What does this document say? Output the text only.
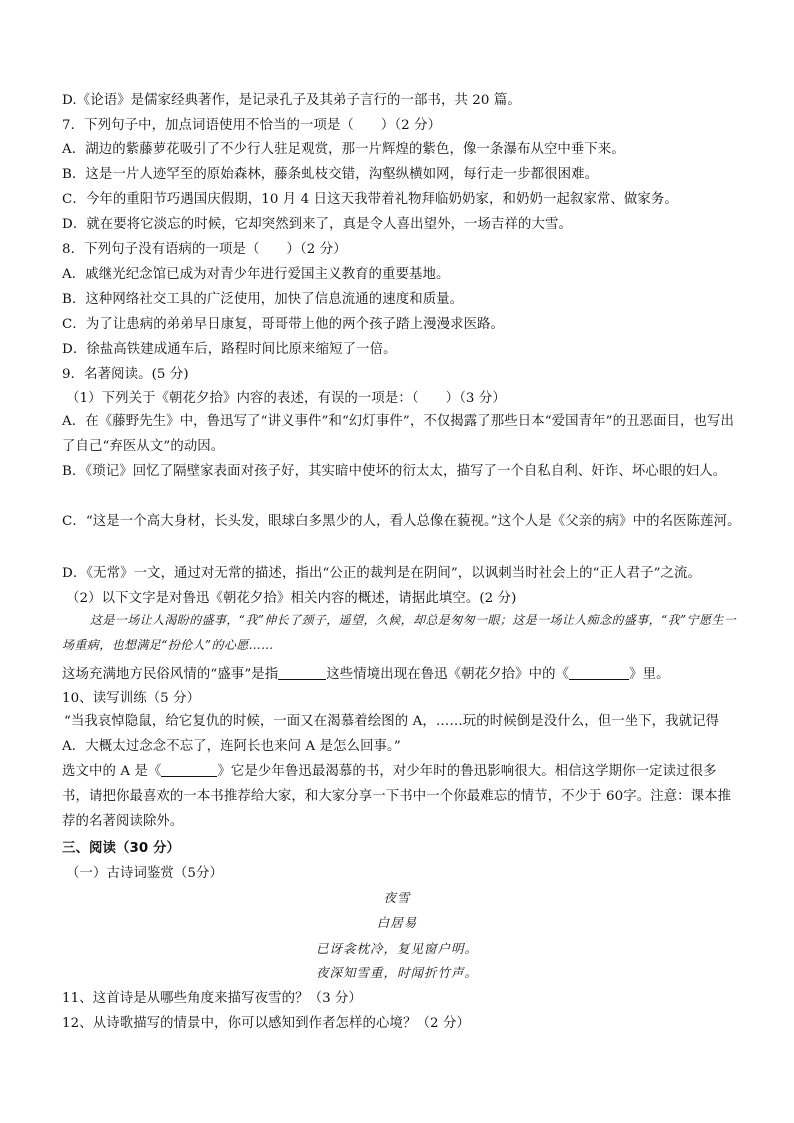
D.《论语》是儒家经典著作，是记录孔子及其弟子言行的一部书，共 20 篇。
7．下列句子中，加点词语使用不恰当的一项是（　　）（2 分）
A．湖边的紫藤萝花吸引了不少行人驻足观赏，那一片辉煌的紫色，像一条瀑布从空中垂下来。
B．这是一片人迹罕至的原始森林，藤条虬枝交错，沟壑纵横如网，每行走一步都很困难。
C．今年的重阳节巧遇国庆假期，10 月 4 日这天我带着礼物拜临奶奶家，和奶奶一起叙家常、做家务。
D．就在要将它淡忘的时候，它却突然到来了，真是令人喜出望外，一场吉祥的大雪。
8．下列句子没有语病的一项是（　　）（2 分）
A．戚继光纪念馆已成为对青少年进行爱国主义教育的重要基地。
B．这种网络社交工具的广泛使用，加快了信息流通的速度和质量。
C．为了让患病的弟弟早日康复，哥哥带上他的两个孩子踏上漫漫求医路。
D．徐盐高铁建成通车后，路程时间比原来缩短了一倍。
9．名著阅读。(5 分)
（1）下列关于《朝花夕拾》内容的表述，有误的一项是：（　　）（3 分）
A．在《藤野先生》中，鲁迅写了“讲义事件”和“幻灯事件”，不仅揭露了那些日本“爱国青年”的丑恶面目，也写出了自己“弃医从文”的动因。
B．《琐记》回忆了隔壁家表面对孩子好，其实暗中使坏的衍太太，描写了一个自私自利、奸诈、坏心眼的妇人。
C．“这是一个高大身材，长头发，眼球白多黑少的人，看人总像在藐视。”这个人是《父亲的病》中的名医陈莲河。
D．《无常》一文，通过对无常的描述，指出“公正的裁判是在阴间”，以讽刺当时社会上的“正人君子”之流。
（2）以下文字是对鲁迅《朝花夕拾》相关内容的概述，请据此填空。(2 分)
这是一场让人渴盼的盛事，“我”伸长了颈子，遥望，久候，却总是匆匆一眼；这是一场让人痴念的盛事，“我”宁愿生一场重病，也想满足“扮伦人”的心愿……
这场充满地方民俗风情的“盛事”是指	这些情境出现在鲁迅《朝花夕拾》中的《	》里。
10、读写训练（5 分）
“当我哀悼隐鼠，给它复仇的时候，一面又在渴慕着绘图的 A，……玩的时候倒是没什么，但一坐下，我就记得 A．大概太过念念不忘了，连阿长也来问 A 是怎么回事。”
选文中的 A 是《	》它是少年鲁迅最渴慕的书，对少年时的鲁迅影响很大。相信这学期你一定读过很多书，请把你最喜欢的一本书推荐给大家，和大家分享一下书中一个你最难忘的情节，不少于 60字。注意：课本推荐的名著阅读除外。
三、阅读（30 分）
（一）古诗词鉴赏（5分）
夜雪
白居易
已讶衾枕冷，复见窗户明。
夜深知雪重，时闻折竹声。
11、这首诗是从哪些角度来描写夜雪的？（3 分）
12、从诗歌描写的情景中，你可以感知到作者怎样的心境？（2 分）
